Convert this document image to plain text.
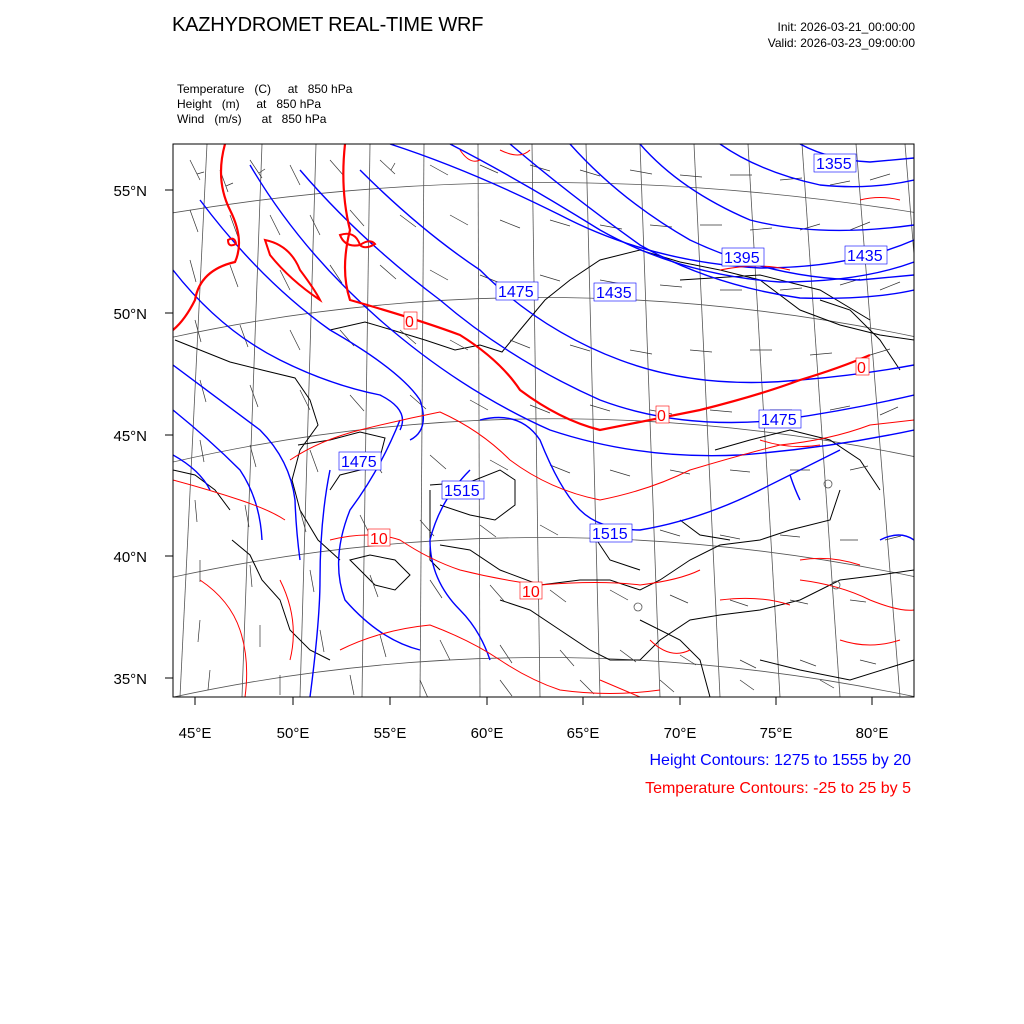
KAZHYDROMET REAL-TIME WRF	Init: 2026-03-21_00:00:00
Valid: 2026-03-23_09:00:00
Temperature   (C)     at   850 hPa
Height   (m)     at   850 hPa
Wind   (m/s)      at   850 hPa
55°N
50°N
45°N
40°N
35°N
45°E	50°E	55°E	60°E	65°E	70°E	75°E	80°E
1355
1395
1435
1435
1475
1475
1475
1515
1515
0
0
0
10
10
Height Contours: 1275 to 1555 by 20
Temperature Contours: -25 to 25 by 5
